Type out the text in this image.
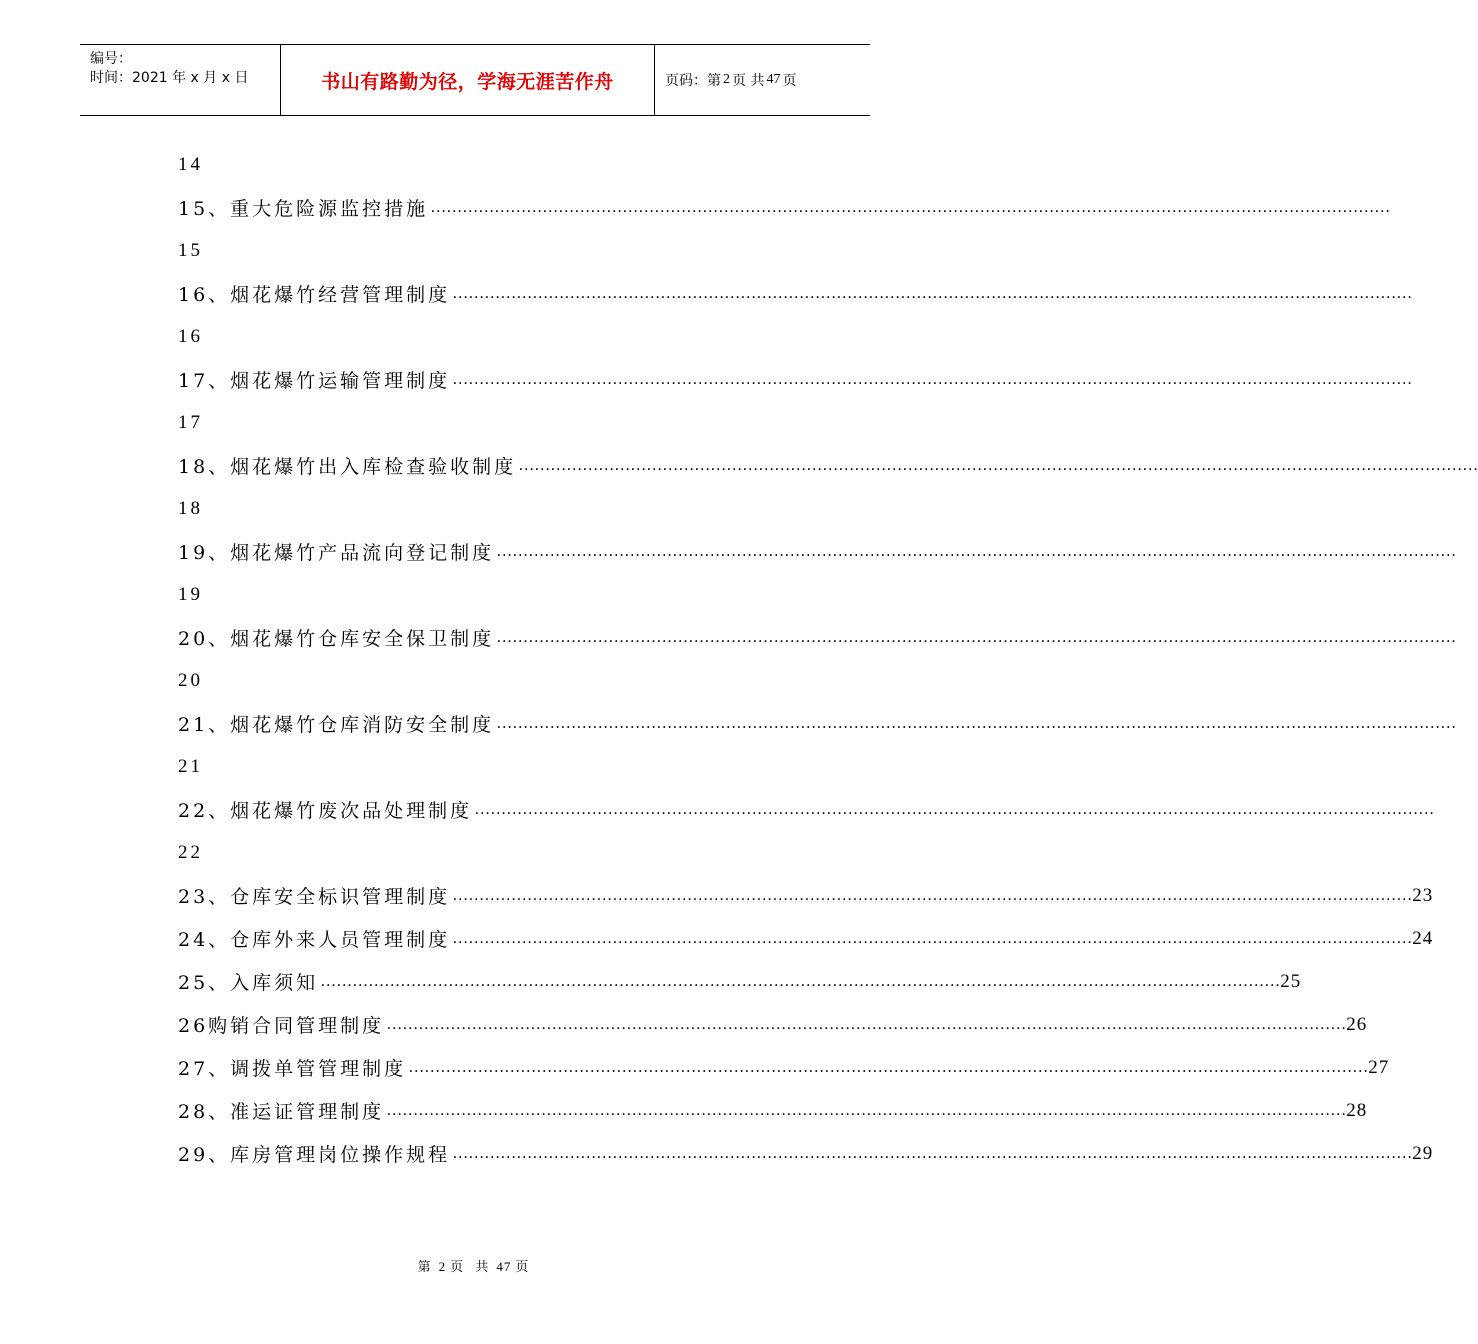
编号：
时间：2021 年 x 月 x 日	书山有路勤为径，学海无涯苦作舟	页码：第 2 页 共 47 页
14
15、重大危险源监控措施 ………………………………………………………………………………………………………………………………………………………………
15
16、烟花爆竹经营管理制度 ………………………………………………………………………………………………………………………………………………………………
16
17、烟花爆竹运输管理制度 ………………………………………………………………………………………………………………………………………………………………
17
18、烟花爆竹出入库检查验收制度 ………………………………………………………………………………………………………………………………………………………………
18
19、烟花爆竹产品流向登记制度 ………………………………………………………………………………………………………………………………………………………………
19
20、烟花爆竹仓库安全保卫制度 ………………………………………………………………………………………………………………………………………………………………
20
21、烟花爆竹仓库消防安全制度 ………………………………………………………………………………………………………………………………………………………………
21
22、烟花爆竹废次品处理制度 ………………………………………………………………………………………………………………………………………………………………
22
23、仓库安全标识管理制度 ……………………………………………………………………………………………………………………………………………………………… 23
24、仓库外来人员管理制度 ……………………………………………………………………………………………………………………………………………………………… 24
25、入库须知 ……………………………………………………………………………………………………………………………………………………………… 25
26购销合同管理制度 ……………………………………………………………………………………………………………………………………………………………… 26
27、调拨单管管理制度 ……………………………………………………………………………………………………………………………………………………………… 27
28、准运证管理制度 ……………………………………………………………………………………………………………………………………………………………… 28
29、库房管理岗位操作规程 ……………………………………………………………………………………………………………………………………………………………… 29
第 2 页 共 47 页
